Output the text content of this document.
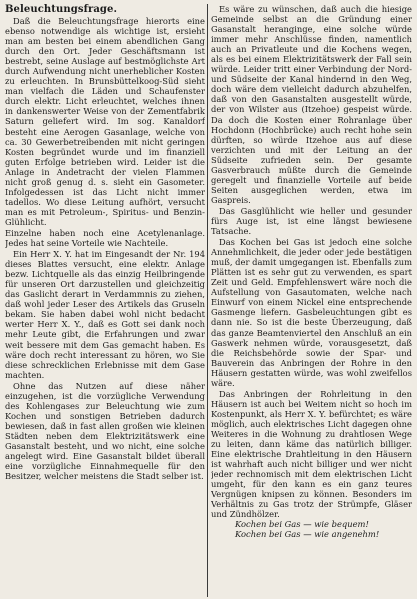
Beleuchtungsfrage.

Daß die Beleuchtungsfrage hierorts eine ebenso notwendige als wichtige ist, ersieht man am besten bei einem abendlichen Gang durch den Ort. Jeder Geschäftsmann ist bestrebt, seine Auslage auf bestmöglichste Art durch Aufwendung nicht unerheblicher Kosten zu erleuchten. In Brunsbüttelkoog-Süd sieht man vielfach die Läden und Schaufenster durch elektr. Licht erleuchtet, welches ihnen in dankenswerter Weise von der Zementfabrik Saturn geliefert wird. Im sog. Kanaldorf besteht eine Aerogen Gasanlage, welche von ca. 30 Gewerbetreibenden mit nicht geringen Kosten begründet wurde und im finanziell guten Erfolge betrieben wird. Leider ist die Anlage in Andetracht der vielen Flammen nicht groß genug d. s. sieht ein Gasometer. Infolgedessen ist das Licht nicht immer tadellos. Wo diese Leitung aufhört, versucht man es mit Petroleum-, Spiritus- und Benzin-Glühlicht.

Einzelne haben noch eine Acetylenanlage. Jedes hat seine Vorteile wie Nachteile.

Ein Herr X. Y. hat im Eingesandt der Nr. 194 dieses Blattes versucht, eine elektr. Anlage bezw. Lichtquelle als das einzig Heilbringende für unseren Ort darzustellen und gleichzeitig das Gaslicht derart in Verdammnis zu ziehen, daß wohl jeder Leser des Artikels das Gruseln bekam. Sie haben dabei wohl nicht bedacht werter Herr X. Y., daß es Gott sei dank noch mehr Leute gibt, die Erfahrungen und zwar weit bessere mit dem Gas gemacht haben. Es wäre doch recht interessant zu hören, wo Sie diese schrecklichen Erlebnisse mit dem Gase machten.

Ohne das Nutzen auf diese näher einzugehen, ist die vorzügliche Verwendung des Kohlengases zur Beleuchtung wie zum Kochen und sonstigen Betrieben dadurch bewiesen, daß in fast allen großen wie kleinen Städten neben dem Elektrizitätswerk eine Gasanstalt besteht, und wo nicht, eine solche angelegt wird. Eine Gasanstalt bildet überall eine vorzügliche Einnahmequelle für den Besitzer, welcher meistens die Stadt selber ist.

Es wäre zu wünschen, daß auch die hiesige Gemeinde selbst an die Gründung einer Gasanstalt heranginge, eine solche würde immer mehr Anschlüsse finden, namentlich auch an Privatleute und die Kochens wegen, als es bei einem Elektrizitätswerk der Fall sein würde. Leider tritt einer Verbindung der Nord- und Südseite der Kanal hindernd in den Weg, doch wäre dem vielleicht dadurch abzuhelfen, daß von den Gasanstalten ausgestellt würde, der von Wilster aus (Itzehoe) gespeist würde. Da doch die Kosten einer Rohranlage über Hochdonn (Hochbrücke) auch recht hohe sein dürften, so würde Itzehoe aus auf diese verzichten und mit der Leitung an der Südseite zufrieden sein. Der gesamte Gasverbrauch müßte durch die Gemeinde geregelt und finanzielle Vorteile auf beide Seiten ausgeglichen werden, etwa im Gaspreis.

Das Gasglühlicht wie heller und gesunder fürs Auge ist, ist eine längst bewiesene Tatsache.

Das Kochen bei Gas ist jedoch eine solche Annehmlichkeit, die jeder oder jede bestätigen muß, der damit umgegangen ist. Ebenfalls zum Plätten ist es sehr gut zu verwenden, es spart Zeit und Geld. Empfehlenswert wäre noch die Aufstellung von Gasautomaten, welche nach Einwurf von einem Nickel eine entsprechende Gasmenge liefern. Gasbeleuchtungen gibt es dann nie. So ist die beste Überzeugung, daß das ganze Beamtenviertel den Anschluß an ein Gaswerk nehmen würde, vorausgesetzt, daß die Reichsbehörde sowie der Spar- und Bauverein das Anbringen der Rohre in den Häusern gestatten würde, was wohl zweifellos wäre.

Das Anbringen der Rohrleitung in den Häusern ist auch bei Weitem nicht so hoch im Kostenpunkt, als Herr X. Y. befürchtet; es wäre möglich, auch elektrisches Licht dagegen ohne Weiteres in die Wohnung zu drahtlosen Wege zu leiten, dann käme das natürlich billiger. Eine elektrische Drahtleitung in den Häusern ist wahrhaft auch nicht billiger und wer nicht jeder rechnomisch mit dem elektrischen Licht umgeht, für den kann es ein ganz teures Vergnügen knipsen zu können. Besonders im Verhältnis zu Gas trotz der Strümpfe, Gläser und Zündhölzer.

Kochen bei Gas — wie bequem!
Kochen bei Gas — wie angenehm!
